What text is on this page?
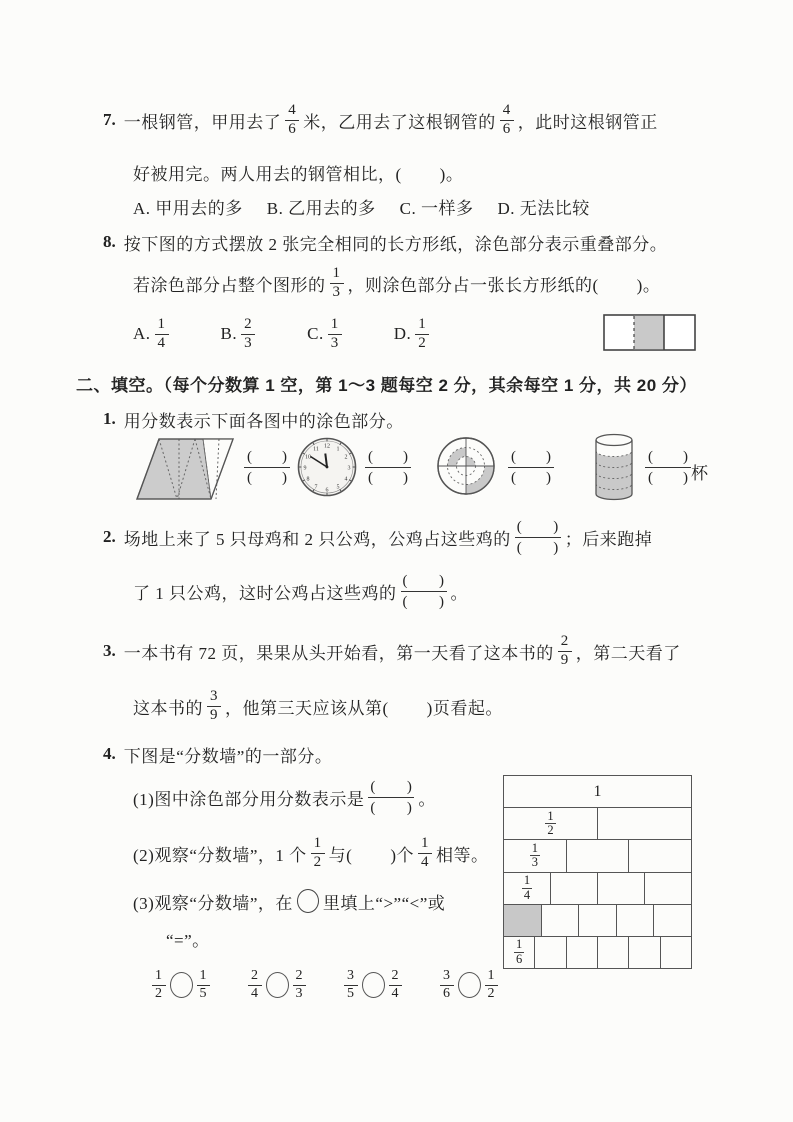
7. 一根钢管，甲用去了 $\frac{4}{6}$ 米，乙用去了这根钢管的 $\frac{4}{6}$ ，此时这根钢管正
好被用完。两人用去的钢管相比，(        )。
A. 甲用去的多 B. 乙用去的多 C. 一样多 D. 无法比较
8. 按下图的方式摆放 2 张完全相同的长方形纸，涂色部分表示重叠部分。
若涂色部分占整个图形的 $\frac{1}{3}$ ，则涂色部分占一张长方形纸的(        )。
A. $\frac{1}{4}$	B. $\frac{2}{3}$	C. $\frac{1}{3}$	D. $\frac{1}{2}$
二、填空。（每个分数算 1 空，第 1～3 题每空 2 分，其余每空 1 分，共 20 分）
1. 用分数表示下面各图中的涂色部分。
(　　)
(　　)
12 1
2
3
4
5
6
7
8
9
10
11	(　　)
(　　)
(　　)
(　　)
(　　)
(　　) 杯
2. 场地上来了 5 只母鸡和 2 只公鸡，公鸡占这些鸡的
(　　)
(　　) ；后来跑掉
了 1 只公鸡，这时公鸡占这些鸡的
(　　)
(　　) 。
3. 一本书有 72 页，果果从头开始看，第一天看了这本书的 $\frac{2}{9}$ ，第二天看了
这本书的 $\frac{3}{9}$ ，他第三天应该从第(        )页看起。
4. 下图是“分数墙”的一部分。
(1)图中涂色部分用分数表示是
(　　)
(　　) 。
(2)观察“分数墙”，1 个 $\frac{1}{2}$ 与(        )个 $\frac{1}{4}$ 相等。
(3)观察“分数墙”，在 里填上“>”“<”或
“=”。
$\frac{1}{2} \frac{1}{5}$	$\frac{2}{4} \frac{2}{3}$	$\frac{3}{5} \frac{2}{4}$	$\frac{3}{6} \frac{1}{2}$
1
1
2
1
3
1
4
1
6
